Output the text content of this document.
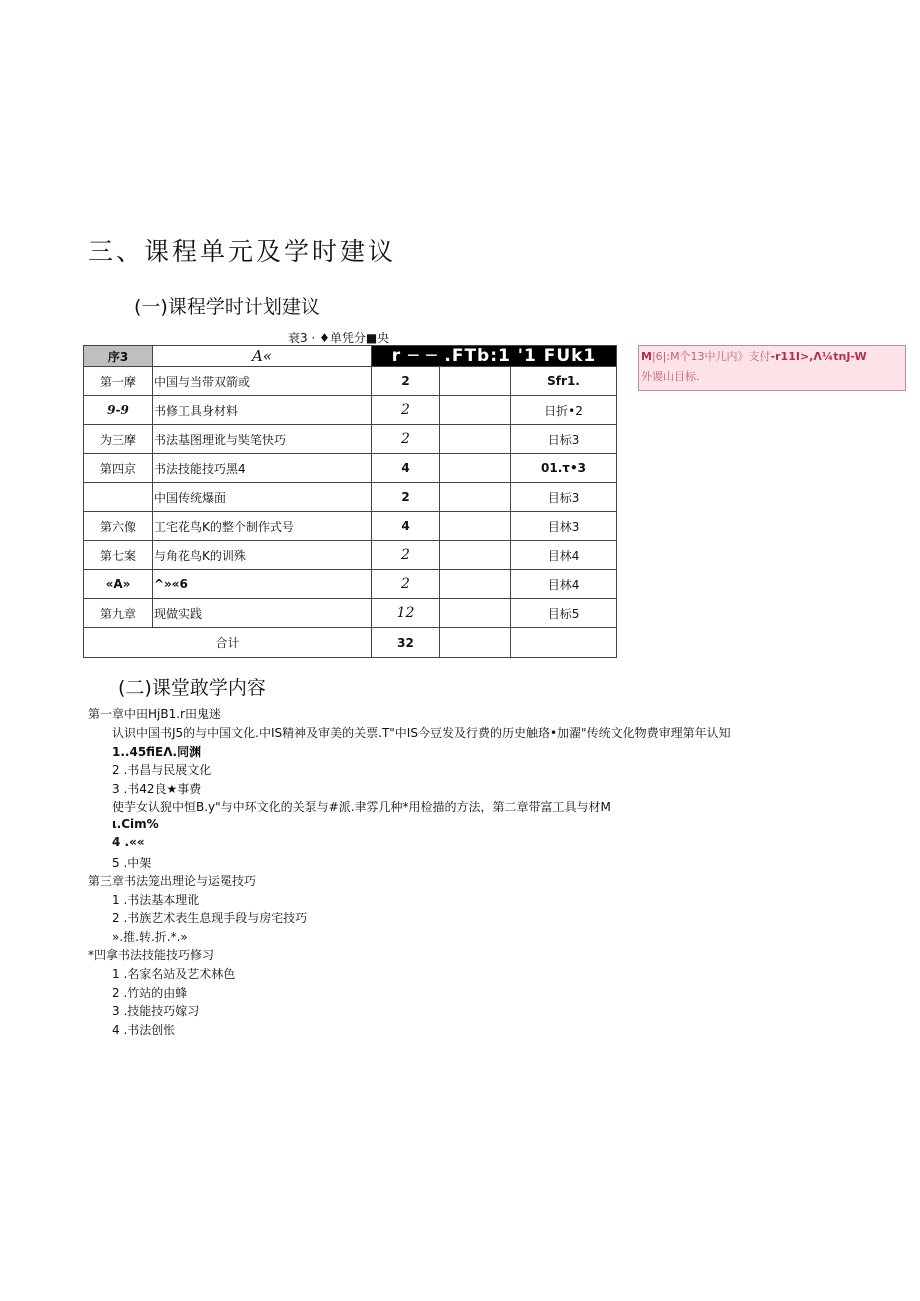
三、课程单元及学时建议
(一)课程学时计划建议
衰3 · ♦单凭分■央
序3	A«	r ─ ─ .FTb:1 '1 FUk1		
第一摩	中国与当带双箭或	2		Sfr1.
9-9	书修工具身材料	2		日折•2
为三摩	书法基图理讹与奘笔快巧	2		日标3
第四京	书法技能技巧黑4	4		01.τ•3
	中国传统爆面	2		目标3
第六像	工宅花鸟K的整个制作式号	4		目林3
第七案	与角花鸟K的训殊	2		目林4
«A»	^»«6	2		目林4
第九章	现做实践	12		目标5
合计		32		
M|6|:M个13中儿内》支付-r11I>,Λ¼tnJ-W
外谡山目标.
(二)课堂敢学内容
第一章中田HjB1.r田鬼迷
认识中国书J5的与中国文化.中IS精神及审美的关票.T"中IS今豆发及行费的历史触珞•加濯"传统文化物费审理第年认知
1..45fiEΛ.同渊
2 .书昌与民展文化
3 .书42良★事费
使芋女认猊中恒B.y"与中环文化的关泵与#派.聿雰几种*用检描的方法，第二章带富工具与材M
ι.Cim%
4 .««
5 .中架
第三章书法笼出理论与运冕技巧
1 .书法基本理讹
2 .书族艺术表生息现手段与房宅技巧
».推.转.折.*.»
*凹拿书法技能技巧修习
1 .名家名站及艺术林色
2 .竹站的由蜂
3 .技能技巧嫁习
4 .书法创怅
